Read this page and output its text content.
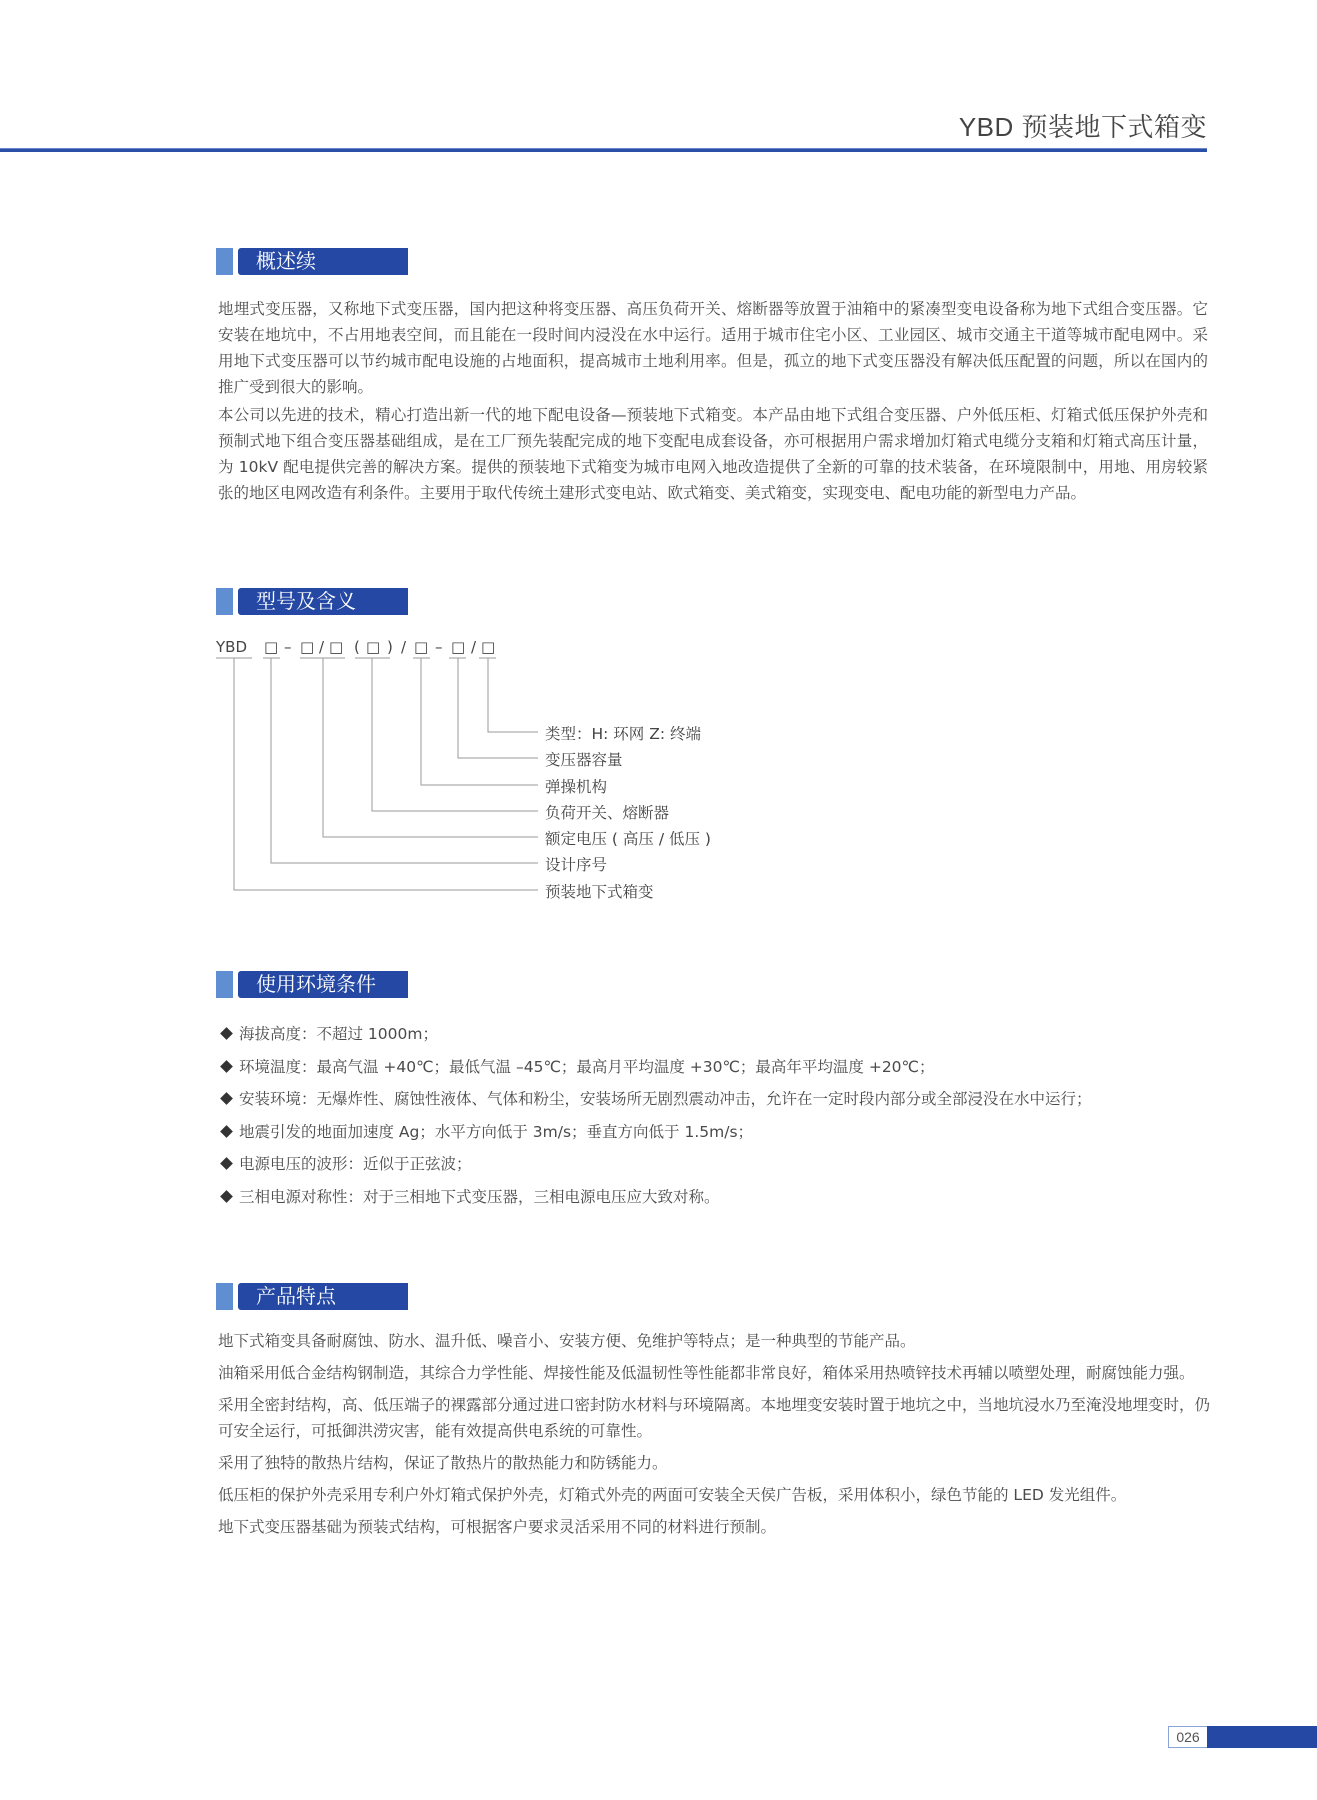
YBD 预装地下式箱变
概述续

地埋式变压器，又称地下式变压器，国内把这种将变压器、高压负荷开关、熔断器等放置于油箱中的紧凑型变电设备称为地下式组合变压器。它安装在地坑中，不占用地表空间，而且能在一段时间内浸没在水中运行。适用于城市住宅小区、工业园区、城市交通主干道等城市配电网中。采用地下式变压器可以节约城市配电设施的占地面积，提高城市土地利用率。但是，孤立的地下式变压器没有解决低压配置的问题，所以在国内的推广受到很大的影响。

本公司以先进的技术，精心打造出新一代的地下配电设备—预装地下式箱变。本产品由地下式组合变压器、户外低压柜、灯箱式低压保护外壳和预制式地下组合变压器基础组成，是在工厂预先装配完成的地下变配电成套设备，亦可根据用户需求增加灯箱式电缆分支箱和灯箱式高压计量，为 10kV 配电提供完善的解决方案。提供的预装地下式箱变为城市电网入地改造提供了全新的可靠的技术装备，在环境限制中，用地、用房较紧张的地区电网改造有利条件。主要用于取代传统土建形式变电站、欧式箱变、美式箱变，实现变电、配电功能的新型电力产品。

型号及含义
YBD □ – □ / □ ( □ ) / □ – □ / □
类型：H: 环网 Z: 终端
变压器容量
弹操机构
负荷开关、熔断器
额定电压 ( 高压 / 低压 )
设计序号
预装地下式箱变
使用环境条件
海拔高度：不超过 1000m；
环境温度：最高气温 +40℃；最低气温 –45℃；最高月平均温度 +30℃；最高年平均温度 +20℃；
安装环境：无爆炸性、腐蚀性液体、气体和粉尘，安装场所无剧烈震动冲击，允许在一定时段内部分或全部浸没在水中运行；
地震引发的地面加速度 Ag；水平方向低于 3m/s；垂直方向低于 1.5m/s；
电源电压的波形：近似于正弦波；
三相电源对称性：对于三相地下式变压器，三相电源电压应大致对称。
产品特点

地下式箱变具备耐腐蚀、防水、温升低、噪音小、安装方便、免维护等特点；是一种典型的节能产品。

油箱采用低合金结构钢制造，其综合力学性能、焊接性能及低温韧性等性能都非常良好，箱体采用热喷锌技术再辅以喷塑处理，耐腐蚀能力强。

采用全密封结构，高、低压端子的裸露部分通过进口密封防水材料与环境隔离。本地埋变安装时置于地坑之中，当地坑浸水乃至淹没地埋变时，仍可安全运行，可抵御洪涝灾害，能有效提高供电系统的可靠性。

采用了独特的散热片结构，保证了散热片的散热能力和防锈能力。

低压柜的保护外壳采用专利户外灯箱式保护外壳，灯箱式外壳的两面可安装全天侯广告板，采用体积小，绿色节能的 LED 发光组件。

地下式变压器基础为预装式结构，可根据客户要求灵活采用不同的材料进行预制。

026
